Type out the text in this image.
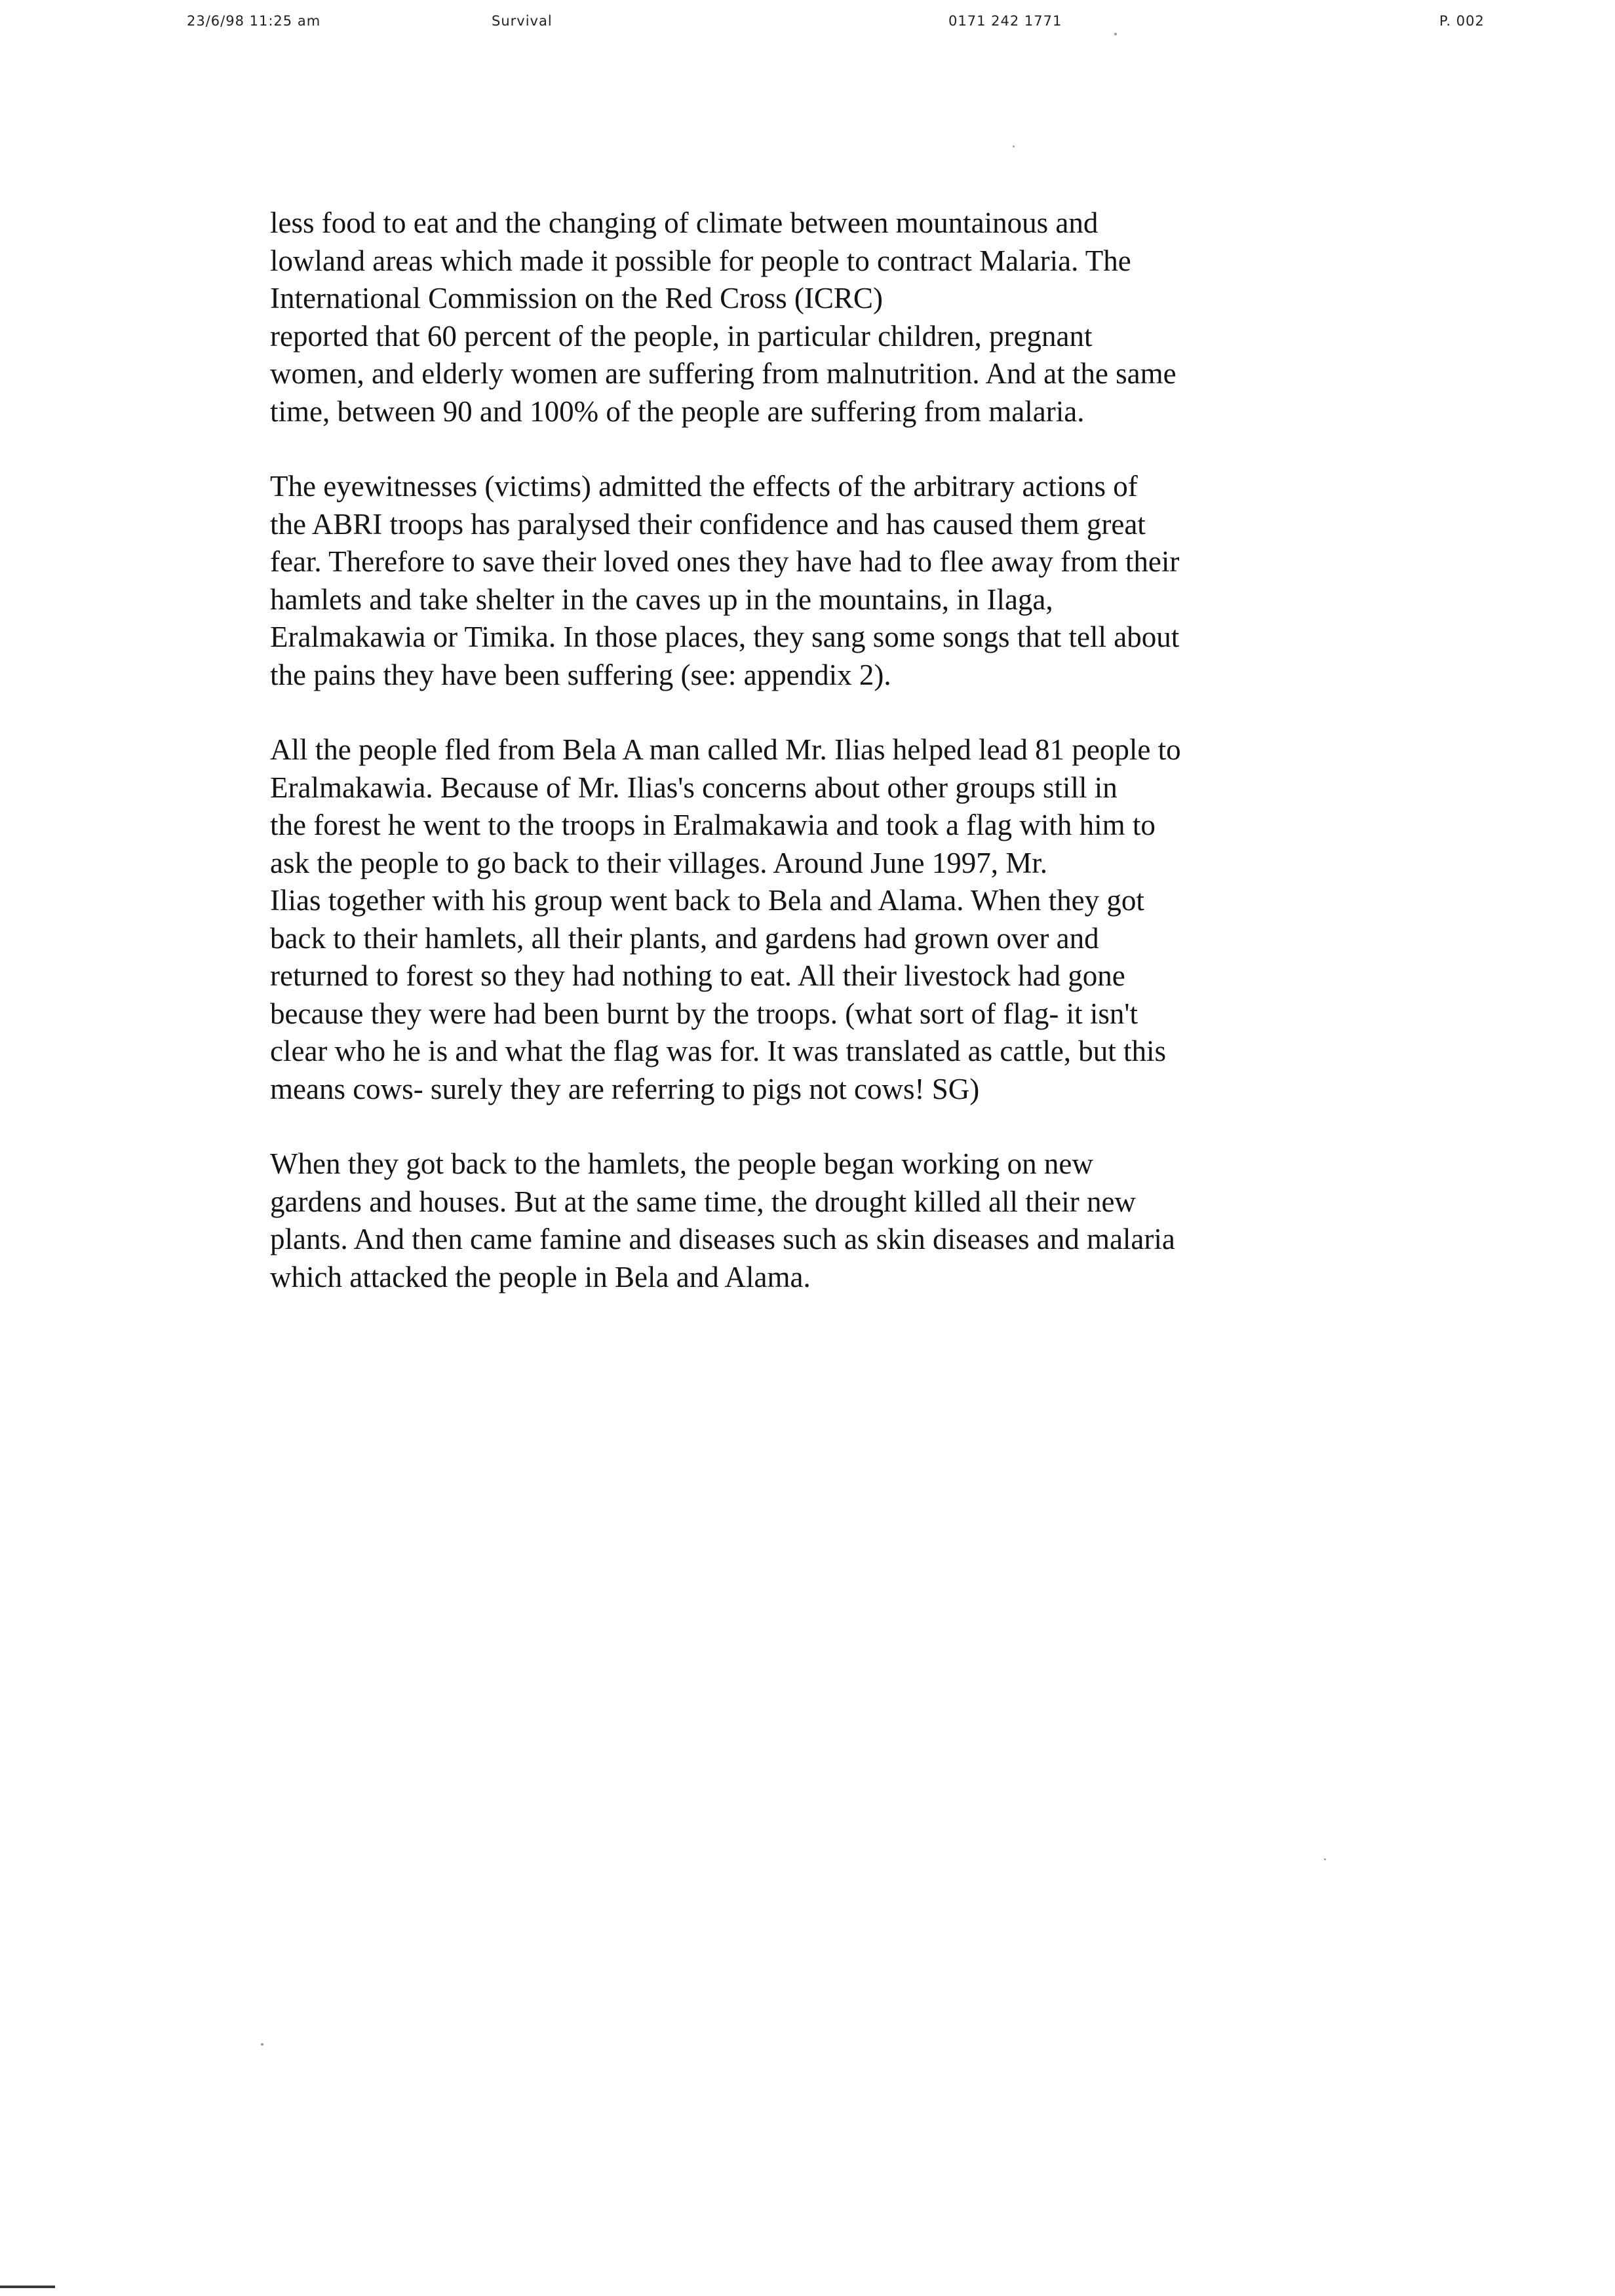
23/6/98 11:25 am	Survival	0171 242 1771	P. 002

less food to eat and the changing of climate between mountainous and
lowland areas which made it possible for people to contract Malaria. The
International Commission on the Red Cross (ICRC)
reported that 60 percent of the people, in particular children, pregnant
women, and elderly women are suffering from malnutrition. And at the same
time, between 90 and 100% of the people are suffering from malaria.

The eyewitnesses (victims) admitted the effects of the arbitrary actions of
the ABRI troops has paralysed their confidence and has caused them great
fear. Therefore to save their loved ones they have had to flee away from their
hamlets and take shelter in the caves up in the mountains, in Ilaga,
Eralmakawia or Timika. In those places, they sang some songs that tell about
the pains they have been suffering (see: appendix 2).

All the people fled from Bela A man called Mr. Ilias helped lead 81 people to
Eralmakawia. Because of Mr. Ilias's concerns about other groups still in
the forest he went to the troops in Eralmakawia and took a flag with him to
ask the people to go back to their villages. Around June 1997, Mr.
Ilias together with his group went back to Bela and Alama. When they got
back to their hamlets, all their plants, and gardens had grown over and
returned to forest so they had nothing to eat. All their livestock had gone
because they were had been burnt by the troops. (what sort of flag- it isn't
clear who he is and what the flag was for. It was translated as cattle, but this
means cows- surely they are referring to pigs not cows! SG)

When they got back to the hamlets, the people began working on new
gardens and houses. But at the same time, the drought killed all their new
plants. And then came famine and diseases such as skin diseases and malaria
which attacked the people in Bela and Alama.
